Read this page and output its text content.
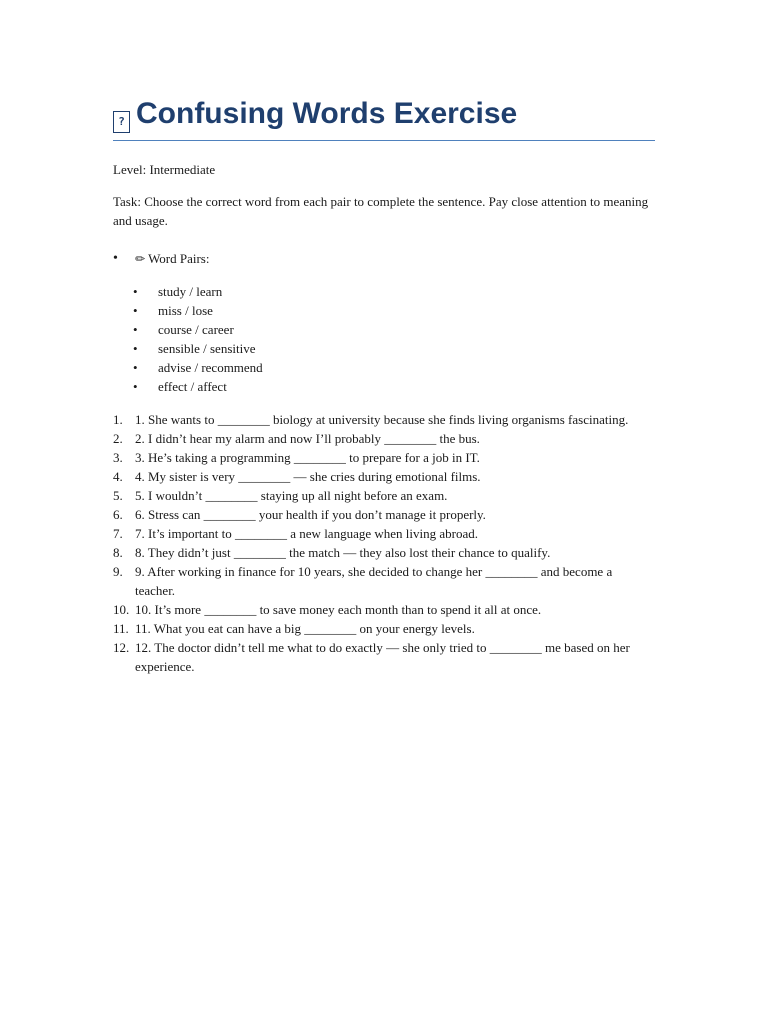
? Confusing Words Exercise

Level: Intermediate

Task: Choose the correct word from each pair to complete the sentence. Pay close attention to meaning and usage.

•	✏ Word Pairs:
• study / learn
• miss / lose
• course / career
• sensible / sensitive
• advise / recommend
• effect / affect
1. 1. She wants to ________ biology at university because she finds living organisms fascinating.
2. 2. I didn’t hear my alarm and now I’ll probably ________ the bus.
3. 3. He’s taking a programming ________ to prepare for a job in IT.
4. 4. My sister is very ________ — she cries during emotional films.
5. 5. I wouldn’t ________ staying up all night before an exam.
6. 6. Stress can ________ your health if you don’t manage it properly.
7. 7. It’s important to ________ a new language when living abroad.
8. 8. They didn’t just ________ the match — they also lost their chance to qualify.
9. 9. After working in finance for 10 years, she decided to change her ________ and become a teacher.
10. 10. It’s more ________ to save money each month than to spend it all at once.
11. 11. What you eat can have a big ________ on your energy levels.
12. 12. The doctor didn’t tell me what to do exactly — she only tried to ________ me based on her experience.
